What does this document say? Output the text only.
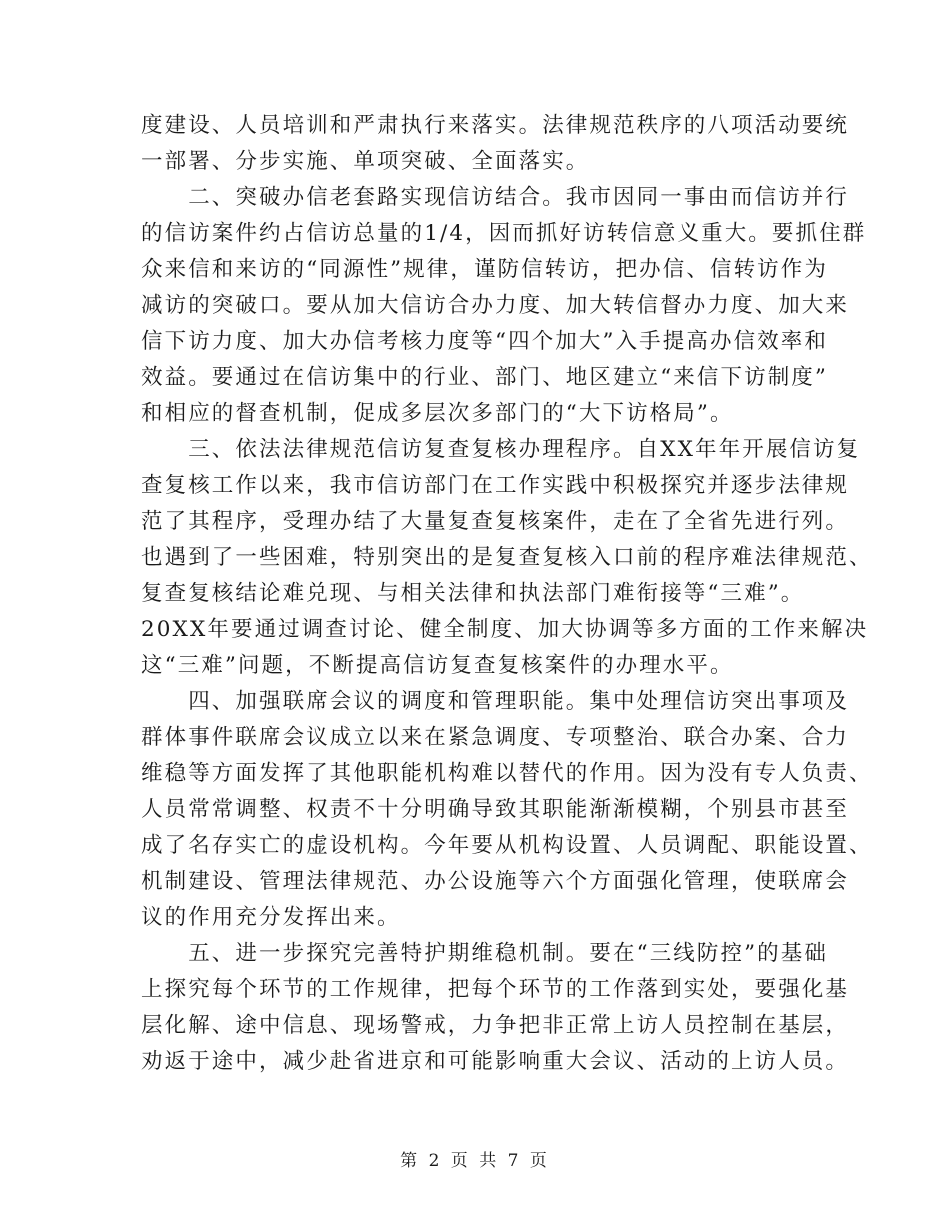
度建设、人员培训和严肃执行来落实。法律规范秩序的八项活动要统
一部署、分步实施、单项突破、全面落实。
　　二、突破办信老套路实现信访结合。我市因同一事由而信访并行
的信访案件约占信访总量的1/4，因而抓好访转信意义重大。要抓住群
众来信和来访的“同源性”规律，谨防信转访，把办信、信转访作为
减访的突破口。要从加大信访合办力度、加大转信督办力度、加大来
信下访力度、加大办信考核力度等“四个加大”入手提高办信效率和
效益。要通过在信访集中的行业、部门、地区建立“来信下访制度”
和相应的督查机制，促成多层次多部门的“大下访格局”。
　　三、依法法律规范信访复查复核办理程序。自XX年年开展信访复
查复核工作以来，我市信访部门在工作实践中积极探究并逐步法律规
范了其程序，受理办结了大量复查复核案件，走在了全省先进行列。
也遇到了一些困难，特别突出的是复查复核入口前的程序难法律规范、
复查复核结论难兑现、与相关法律和执法部门难衔接等“三难”。
20XX年要通过调查讨论、健全制度、加大协调等多方面的工作来解决
这“三难”问题，不断提高信访复查复核案件的办理水平。
　　四、加强联席会议的调度和管理职能。集中处理信访突出事项及
群体事件联席会议成立以来在紧急调度、专项整治、联合办案、合力
维稳等方面发挥了其他职能机构难以替代的作用。因为没有专人负责、
人员常常调整、权责不十分明确导致其职能渐渐模糊，个别县市甚至
成了名存实亡的虚设机构。今年要从机构设置、人员调配、职能设置、
机制建设、管理法律规范、办公设施等六个方面强化管理，使联席会
议的作用充分发挥出来。
　　五、进一步探究完善特护期维稳机制。要在“三线防控”的基础
上探究每个环节的工作规律，把每个环节的工作落到实处，要强化基
层化解、途中信息、现场警戒，力争把非正常上访人员控制在基层，
劝返于途中，减少赴省进京和可能影响重大会议、活动的上访人员。
第 2 页 共 7 页
